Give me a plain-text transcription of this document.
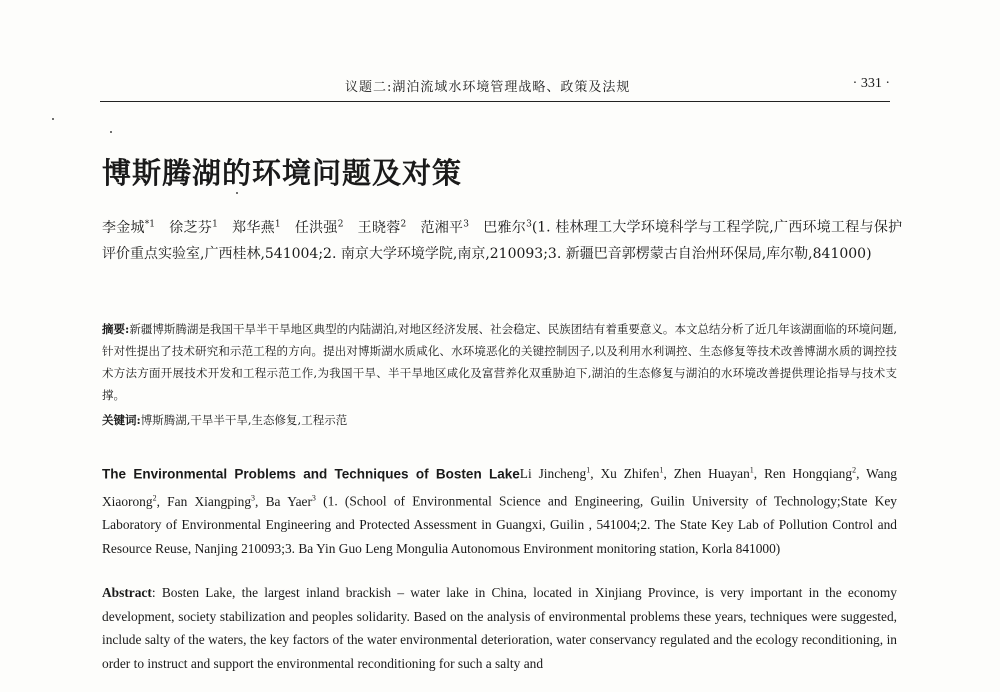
议题二:湖泊流域水环境管理战略、政策及法规	· 331 ·
博斯腾湖的环境问题及对策
李金城$^{*1}$  徐芝芬$^1$  郑华燕$^1$  任洪强$^2$  王晓蓉$^2$  范湘平$^3$  巴雅尔$^3$(1. 桂林理工大学环境科学与工程学院,广西环境工程与保护评价重点实验室,广西桂林,541004;2. 南京大学环境学院,南京,210093;3. 新疆巴音郭楞蒙古自治州环保局,库尔勒,841000)
摘要:新疆博斯腾湖是我国干旱半干旱地区典型的内陆湖泊,对地区经济发展、社会稳定、民族团结有着重要意义。本文总结分析了近几年该湖面临的环境问题,针对性提出了技术研究和示范工程的方向。提出对博斯湖水质咸化、水环境恶化的关键控制因子,以及利用水利调控、生态修复等技术改善博湖水质的调控技术方法方面开展技术开发和工程示范工作,为我国干旱、半干旱地区咸化及富营养化双重胁迫下,湖泊的生态修复与湖泊的水环境改善提供理论指导与技术支撑。
关键词:博斯腾湖,干旱半干旱,生态修复,工程示范
The Environmental Problems and Techniques of Bosten LakeLi Jincheng$^1$, Xu Zhifen$^1$, Zhen Huayan$^1$, Ren Hongqiang$^2$, Wang Xiaorong$^2$, Fan Xiangping$^3$, Ba Yaer$^3$ (1. (School of Environmental Science and Engineering, Guilin University of Technology;State Key Laboratory of Environmental Engineering and Protected Assessment in Guangxi, Guilin , 541004;2. The State Key Lab of Pollution Control and Resource Reuse, Nanjing 210093;3. Ba Yin Guo Leng Mongulia Autonomous Environment monitoring station, Korla 841000)
Abstract: Bosten Lake, the largest inland brackish – water lake in China, located in Xinjiang Province, is very important in the economy development, society stabilization and peoples solidarity. Based on the analysis of environmental problems these years, techniques were suggested, include salty of the waters, the key factors of the water environmental deterioration, water conservancy regulated and the ecology reconditioning, in order to instruct and support the environmental reconditioning for such a salty and
